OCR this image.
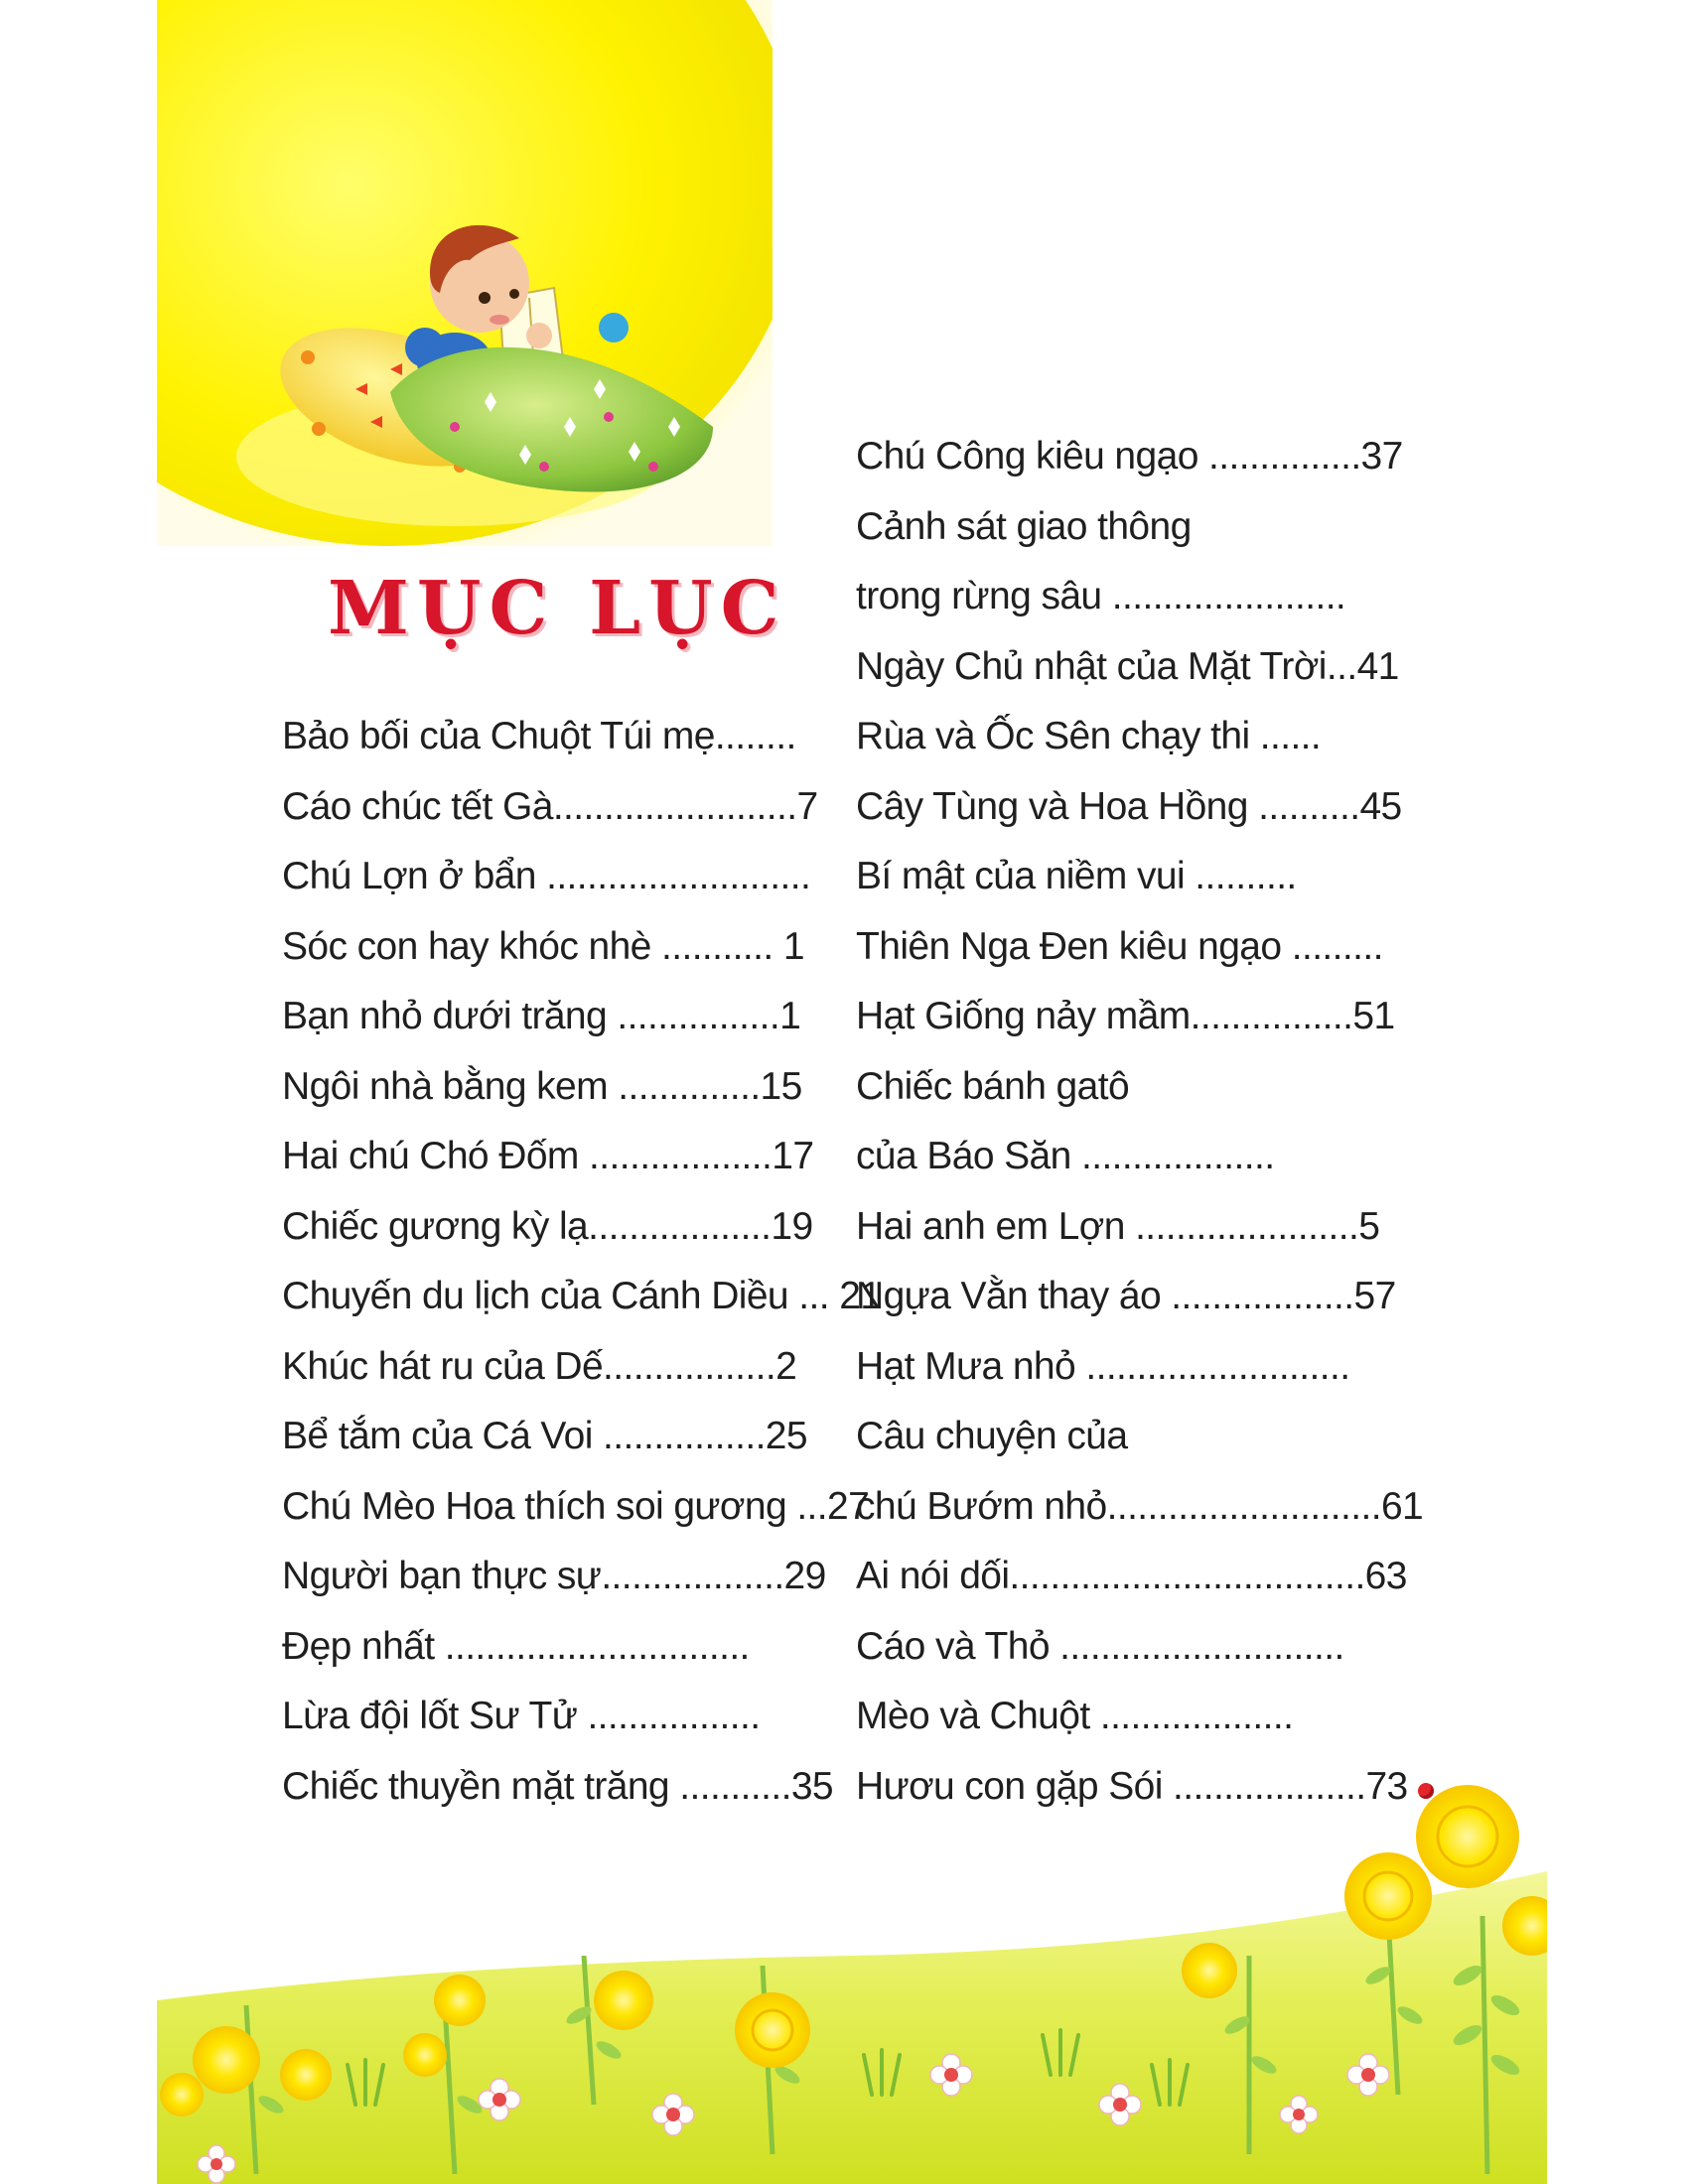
MỤC LỤC
Bảo bối của Chuột Túi mẹ........
Cáo chúc tết Gà........................7
Chú Lợn ở bẩn ..........................
Sóc con hay khóc nhè ........... 1
Bạn nhỏ dưới trăng ................1
Ngôi nhà bằng kem ..............15
Hai chú Chó Đốm ..................17
Chiếc gương kỳ lạ..................19
Chuyến du lịch của Cánh Diều ... 21
Khúc hát ru của Dế.................2
Bể tắm của Cá Voi ................25
Chú Mèo Hoa thích soi gương ...27
Người bạn thực sự..................29
Đẹp nhất ..............................
Lừa đội lốt Sư Tử .................
Chiếc thuyền mặt trăng ...........35
Chú Công kiêu ngạo ...............37
Cảnh sát giao thông
trong rừng sâu .......................
Ngày Chủ nhật của Mặt Trời...41
Rùa và Ốc Sên chạy thi ......
Cây Tùng và Hoa Hồng ..........45
Bí mật của niềm vui ..........
Thiên Nga Đen kiêu ngạo .........
Hạt Giống nảy mầm................51
Chiếc bánh gatô
của Báo Săn ...................
Hai anh em Lợn ......................5
Ngựa Vằn thay áo ..................57
Hạt Mưa nhỏ ..........................
Câu chuyện của
chú Bướm nhỏ...........................61
Ai nói dối...................................63
Cáo và Thỏ ............................
Mèo và Chuột ...................
Hươu con gặp Sói ...................73
